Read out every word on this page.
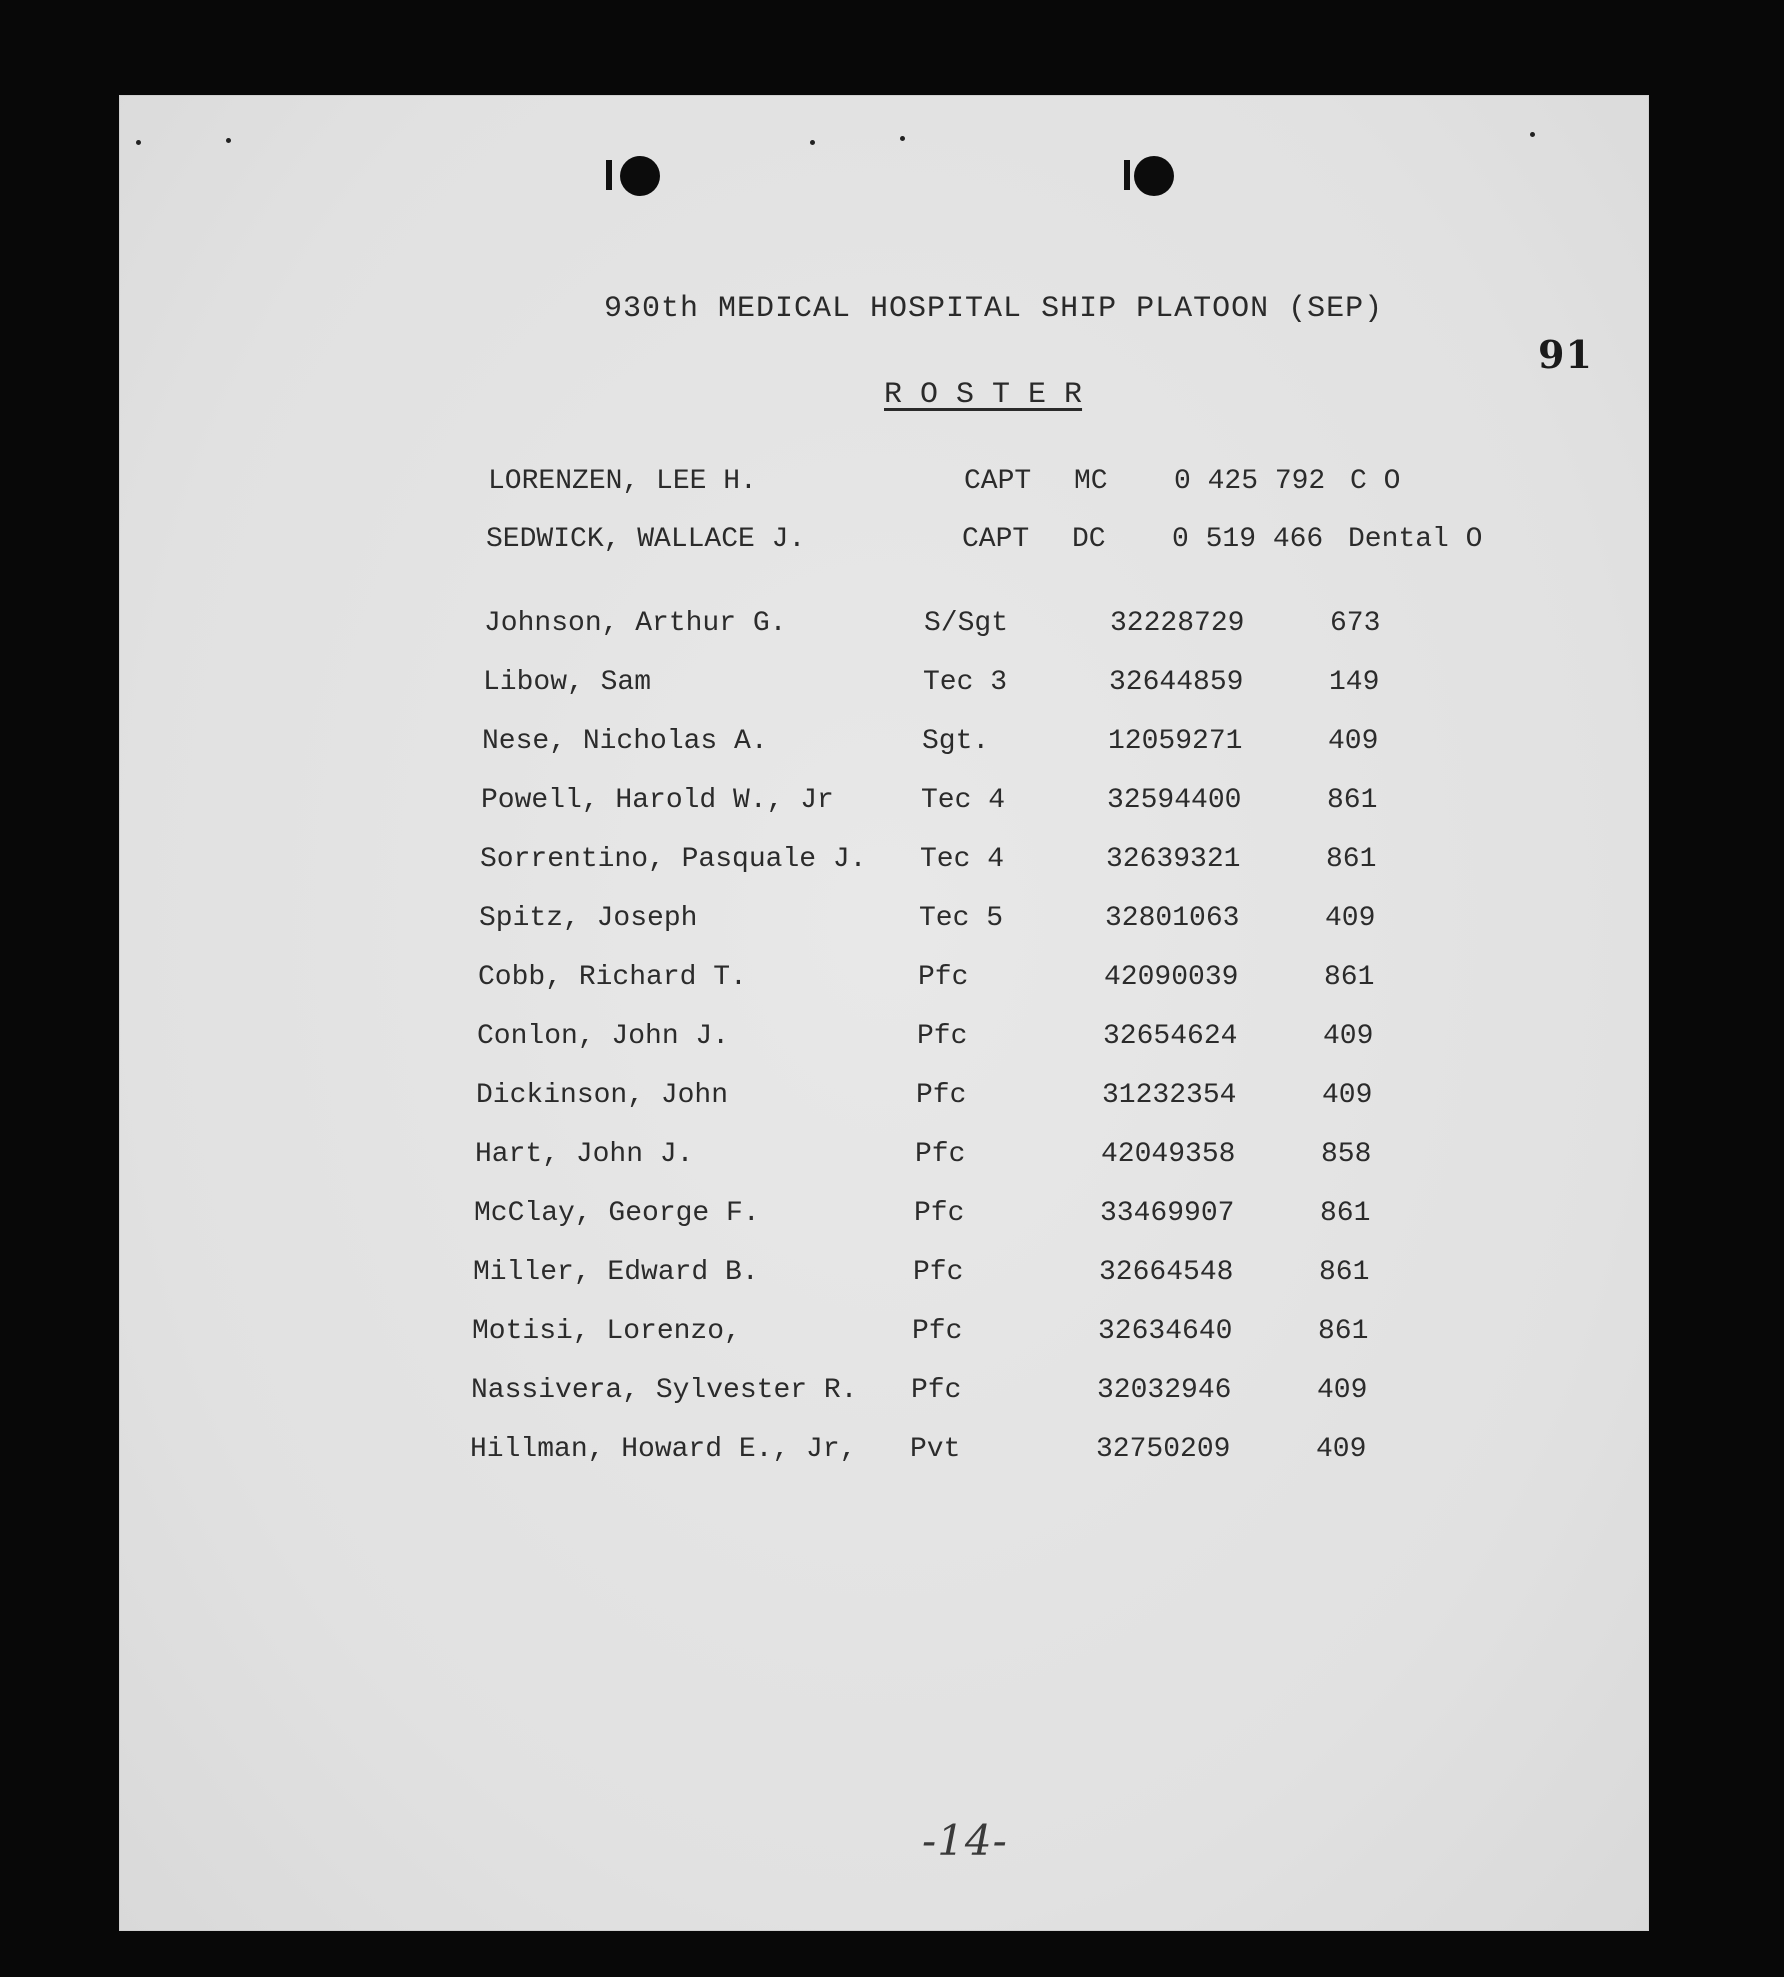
930th MEDICAL HOSPITAL SHIP PLATOON (SEP)
R O S T E R
91
LORENZEN, LEE H.	CAPT MC 0 425 792 C O
SEDWICK, WALLACE J.	CAPT DC 0 519 466 Dental O
Johnson, Arthur G.	S/Sgt	32228729	673
Libow, Sam	Tec 3	32644859	149
Nese, Nicholas A.	Sgt.	12059271	409
Powell, Harold W., Jr	Tec 4	32594400	861
Sorrentino, Pasquale J. Tec 4	32639321	861
Spitz, Joseph	Tec 5	32801063	409
Cobb, Richard T.	Pfc	42090039	861
Conlon, John J.	Pfc	32654624	409
Dickinson, John	Pfc	31232354	409
Hart, John J.	Pfc	42049358	858
McClay, George F.	Pfc	33469907	861
Miller, Edward B.	Pfc	32664548	861
Motisi, Lorenzo,	Pfc	32634640	861
Nassivera, Sylvester R. Pfc	32032946	409
Hillman, Howard E., Jr, Pvt	32750209	409
-14-
